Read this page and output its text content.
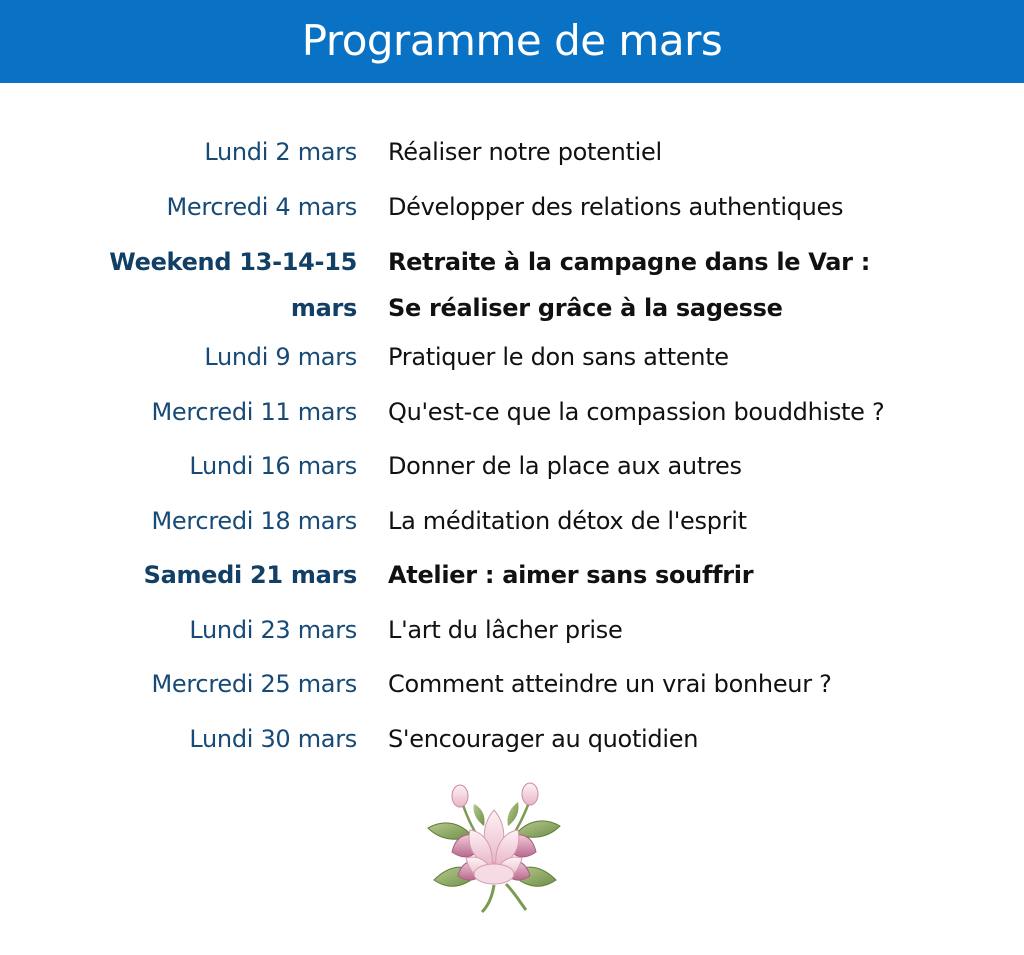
Programme de mars
Lundi 2 mars Réaliser notre potentiel
Mercredi 4 mars Développer des relations authentiques
Weekend 13-14-15
mars
Retraite à la campagne dans le Var :
Se réaliser grâce à la sagesse
Lundi 9 mars Pratiquer le don sans attente
Mercredi 11 mars Qu'est-ce que la compassion bouddhiste ?
Lundi 16 mars Donner de la place aux autres
Mercredi 18 mars La méditation détox de l'esprit
Samedi 21 mars Atelier : aimer sans souffrir
Lundi 23 mars L'art du lâcher prise
Mercredi 25 mars Comment atteindre un vrai bonheur ?
Lundi 30 mars S'encourager au quotidien
